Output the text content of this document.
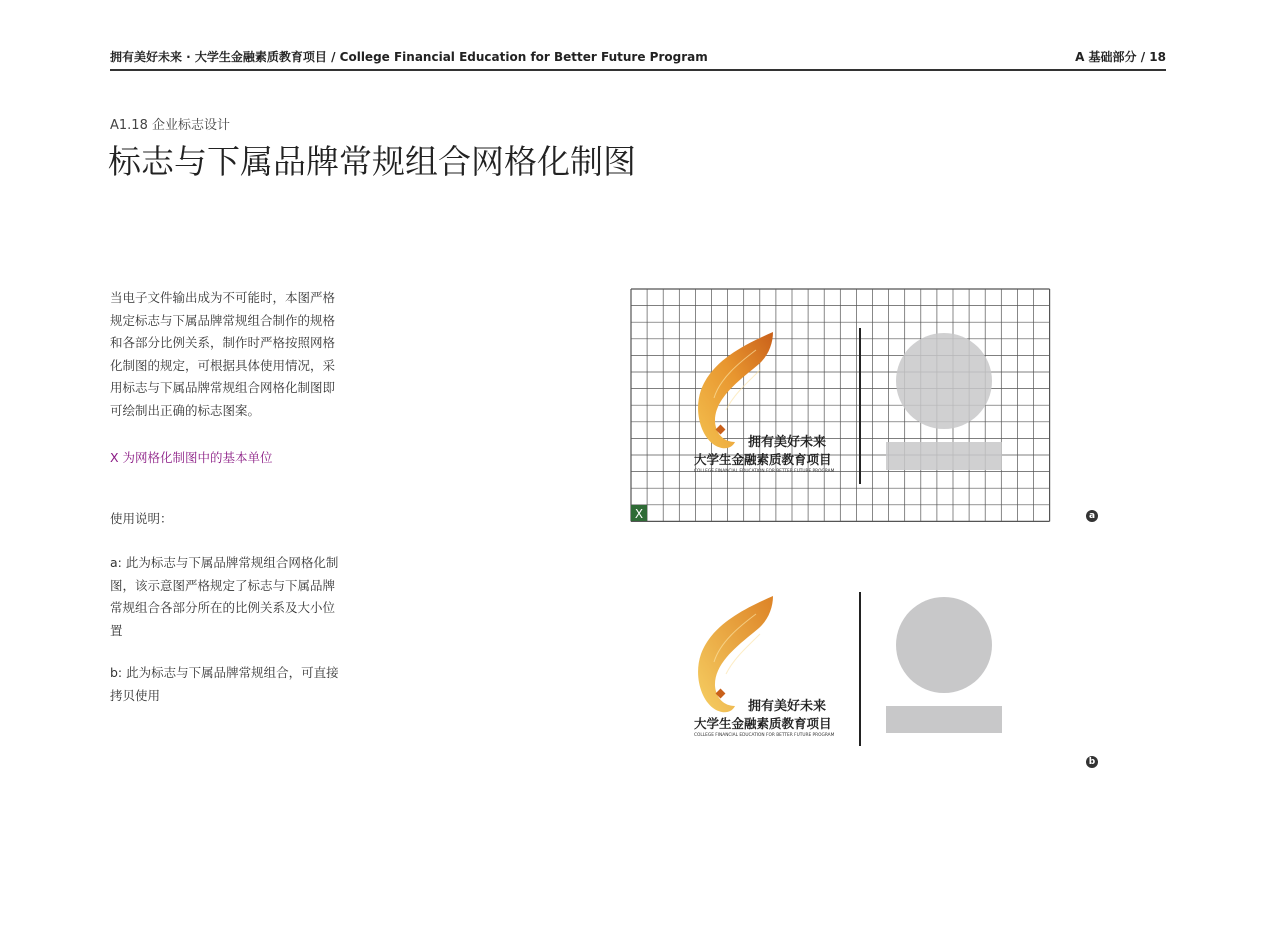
拥有美好未来 · 大学生金融素质教育项目 / College Financial Education for Better Future Program	A 基础部分 / 18
A1.18 企业标志设计
标志与下属品牌常规组合网格化制图
当电子文件输出成为不可能时，本图严格规定标志与下属品牌常规组合制作的规格和各部分比例关系，制作时严格按照网格化制图的规定，可根据具体使用情况，采用标志与下属品牌常规组合网格化制图即可绘制出正确的标志图案。
X 为网格化制图中的基本单位
使用说明：
a: 此为标志与下属品牌常规组合网格化制图，该示意图严格规定了标志与下属品牌常规组合各部分所在的比例关系及大小位置
b: 此为标志与下属品牌常规组合，可直接拷贝使用
X
拥有美好未来
大学生金融素质教育项目
COLLEGE FINANCIAL EDUCATION FOR BETTER FUTURE PROGRAM
a
拥有美好未来
大学生金融素质教育项目
COLLEGE FINANCIAL EDUCATION FOR BETTER FUTURE PROGRAM
b
